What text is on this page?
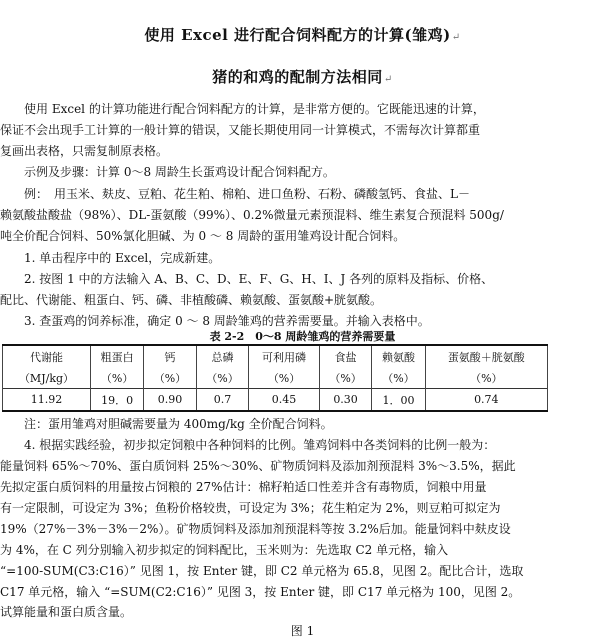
使用 Excel 进行配合饲料配方的计算(雏鸡)↵
猪的和鸡的配制方法相同↵

　　使用 Excel 的计算功能进行配合饲料配方的计算，是非常方便的。它既能迅速的计算，

保证不会出现手工计算的一般计算的错误，又能长期使用同一计算模式，不需每次计算都重

复画出表格，只需复制原表格。

　　示例及步骤：计算 0～8 周龄生长蛋鸡设计配合饲料配方。

　　例：　用玉米、麸皮、豆粕、花生粕、棉粕、进口鱼粉、石粉、磷酸氢钙、食盐、L－

赖氨酸盐酸盐（98%）、DL-蛋氨酸（99%）、0.2%微量元素预混料、维生素复合预混料 500g/

吨全价配合饲料、50%氯化胆碱、为 0 ～ 8 周龄的蛋用雏鸡设计配合饲料。

　　1. 单击程序中的 Excel，完成新建。

　　2. 按图 1 中的方法输入 A、B、C、D、E、F、G、H、I、J 各列的原料及指标、价格、

配比、代谢能、粗蛋白、钙、磷、非植酸磷、赖氨酸、蛋氨酸+胱氨酸。

　　3. 查蛋鸡的饲养标准，确定 0 ～ 8 周龄雏鸡的营养需要量。并输入表格中。

表 2-2　0～8 周龄雏鸡的营养需要量
代谢能	粗蛋白	钙	总磷	可利用磷	食盐	赖氨酸	蛋氨酸＋胱氨酸
（MJ/kg）	（%）	（%）	（%）	（%）	（%）	（%）	（%）
11.92	19．0	0.90	0.7	0.45	0.30	1．00	0.74

　　注：蛋用雏鸡对胆碱需要量为 400mg/kg 全价配合饲料。

　　4. 根据实践经验，初步拟定饲粮中各种饲料的比例。雏鸡饲料中各类饲料的比例一般为：

能量饲料 65%～70%、蛋白质饲料 25%～30%、矿物质饲料及添加剂预混料 3%～3.5%，据此

先拟定蛋白质饲料的用量按占饲粮的 27%估计：棉籽粕适口性差并含有毒物质，饲粮中用量

有一定限制，可设定为 3%；鱼粉价格较贵，可设定为 3%；花生粕定为 2%，则豆粕可拟定为

19%（27%－3%－3%－2%）。矿物质饲料及添加剂预混料等按 3.2%后加。能量饲料中麸皮设

为 4%，在 C 列分别输入初步拟定的饲料配比，玉米则为：先选取 C2 单元格，输入

“=100-SUM(C3:C16）” 见图 1，按 Enter 键，即 C2 单元格为 65.8，见图 2。配比合计，选取

C17 单元格，输入 “=SUM(C2:C16）” 见图 3，按 Enter 键，即 C17 单元格为 100，见图 2。

试算能量和蛋白质含量。

图 1
